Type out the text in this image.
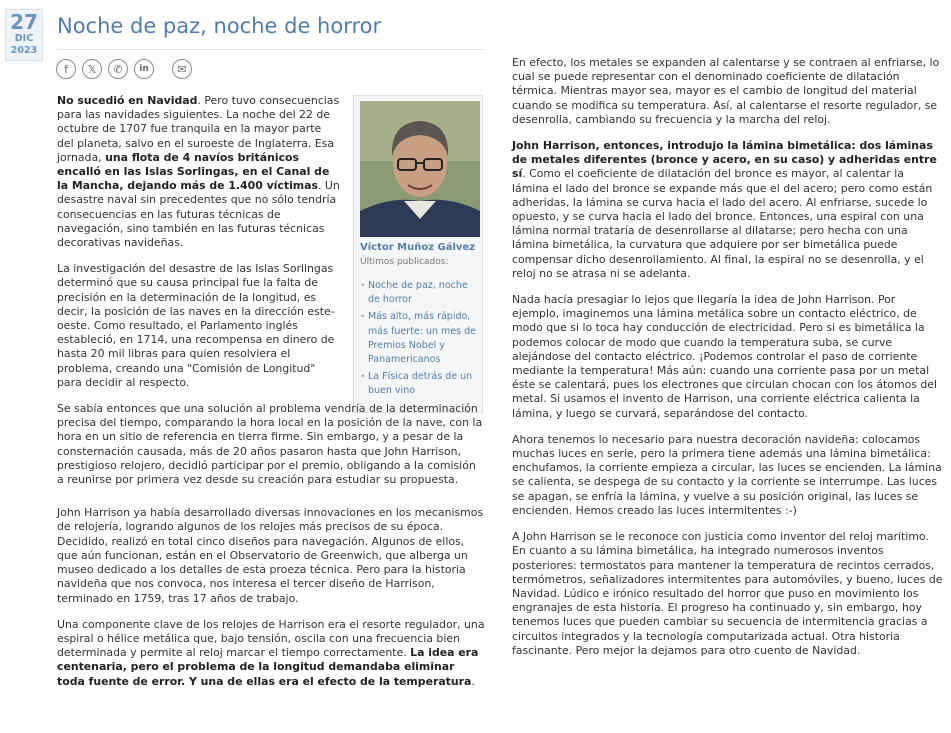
27
DIC
2023
Noche de paz, noche de horror
f	𝕏	✆	in	✉
Víctor Muñoz Gálvez
Últimos publicados:
• Noche de paz, noche de horror
• Más alto, más rápido, más fuerte: un mes de Premios Nobel y Panamericanos
• La Física detrás de un buen vino

No sucedió en Navidad. Pero tuvo consecuencias para las navidades siguientes. La noche del 22 de octubre de 1707 fue tranquila en la mayor parte del planeta, salvo en el suroeste de Inglaterra. Esa jornada, una flota de 4 navíos británicos encalló en las Islas Sorlingas, en el Canal de la Mancha, dejando más de 1.400 víctimas. Un desastre naval sin precedentes que no sólo tendría consecuencias en las futuras técnicas de navegación, sino también en las futuras técnicas decorativas navideñas.

La investigación del desastre de las Islas Sorlingas determinó que su causa principal fue la falta de precisión en la determinación de la longitud, es decir, la posición de las naves en la dirección este-oeste. Como resultado, el Parlamento inglés estableció, en 1714, una recompensa en dinero de hasta 20 mil libras para quien resolviera el problema, creando una "Comisión de Longitud" para decidir al respecto.

Se sabía entonces que una solución al problema vendría de la determinación precisa del tiempo, comparando la hora local en la posición de la nave, con la hora en un sitio de referencia en tierra firme. Sin embargo, y a pesar de la consternación causada, más de 20 años pasaron hasta que John Harrison, prestigioso relojero, decidió participar por el premio, obligando a la comisión a reunirse por primera vez desde su creación para estudiar su propuesta.

John Harrison ya había desarrollado diversas innovaciones en los mecanismos de relojería, logrando algunos de los relojes más precisos de su época. Decidido, realizó en total cinco diseños para navegación. Algunos de ellos, que aún funcionan, están en el Observatorio de Greenwich, que alberga un museo dedicado a los detalles de esta proeza técnica. Pero para la historia navideña que nos convoca, nos interesa el tercer diseño de Harrison, terminado en 1759, tras 17 años de trabajo.

Una componente clave de los relojes de Harrison era el resorte regulador, una espiral o hélice metálica que, bajo tensión, oscila con una frecuencia bien determinada y permite al reloj marcar el tiempo correctamente. La idea era centenaria, pero el problema de la longitud demandaba eliminar toda fuente de error. Y una de ellas era el efecto de la temperatura.

En efecto, los metales se expanden al calentarse y se contraen al enfriarse, lo cual se puede representar con el denominado coeficiente de dilatación térmica. Mientras mayor sea, mayor es el cambio de longitud del material cuando se modifica su temperatura. Así, al calentarse el resorte regulador, se desenrolla, cambiando su frecuencia y la marcha del reloj.

John Harrison, entonces, introdujo la lámina bimetálica: dos láminas de metales diferentes (bronce y acero, en su caso) y adheridas entre sí. Como el coeficiente de dilatación del bronce es mayor, al calentar la lámina el lado del bronce se expande más que el del acero; pero como están adheridas, la lámina se curva hacia el lado del acero. Al enfriarse, sucede lo opuesto, y se curva hacia el lado del bronce. Entonces, una espiral con una lámina normal trataría de desenrollarse al dilatarse; pero hecha con una lámina bimetálica, la curvatura que adquiere por ser bimetálica puede compensar dicho desenrollamiento. Al final, la espiral no se desenrolla, y el reloj no se atrasa ni se adelanta.

Nada hacía presagiar lo lejos que llegaría la idea de John Harrison. Por ejemplo, imaginemos una lámina metálica sobre un contacto eléctrico, de modo que si lo toca hay conducción de electricidad. Pero si es bimetálica la podemos colocar de modo que cuando la temperatura suba, se curve alejándose del contacto eléctrico. ¡Podemos controlar el paso de corriente mediante la temperatura! Más aún: cuando una corriente pasa por un metal éste se calentará, pues los electrones que circulan chocan con los átomos del metal. Si usamos el invento de Harrison, una corriente eléctrica calienta la lámina, y luego se curvará, separándose del contacto.

Ahora tenemos lo necesario para nuestra decoración navideña: colocamos muchas luces en serie, pero la primera tiene además una lámina bimetálica: enchufamos, la corriente empieza a circular, las luces se encienden. La lámina se calienta, se despega de su contacto y la corriente se interrumpe. Las luces se apagan, se enfría la lámina, y vuelve a su posición original, las luces se encienden. Hemos creado las luces intermitentes :-)

A John Harrison se le reconoce con justicia como inventor del reloj marítimo. En cuanto a su lámina bimetálica, ha integrado numerosos inventos posteriores: termostatos para mantener la temperatura de recintos cerrados, termómetros, señalizadores intermitentes para automóviles, y bueno, luces de Navidad. Lúdico e irónico resultado del horror que puso en movimiento los engranajes de esta historia. El progreso ha continuado y, sin embargo, hoy tenemos luces que pueden cambiar su secuencia de intermitencia gracias a circuitos integrados y la tecnología computarizada actual. Otra historia fascinante. Pero mejor la dejamos para otro cuento de Navidad.
